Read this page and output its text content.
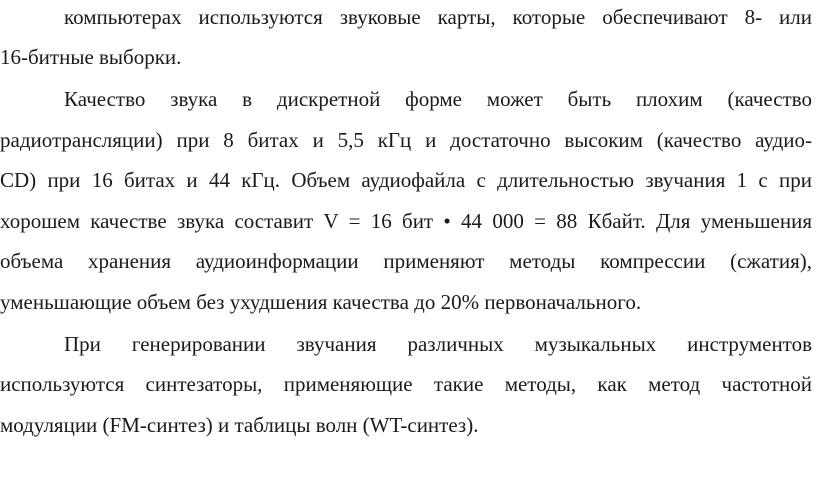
компьютерах используются звуковые карты, которые обеспечивают 8- или
16-битные выборки.
Качество звука в дискретной форме может быть плохим (качество
радиотрансляции) при 8 битах и 5,5 кГц и достаточно высоким (качество аудио-
CD) при 16 битах и 44 кГц. Объем аудиофайла с длительностью звучания 1 с при
хорошем качестве звука составит V = 16 бит • 44 000 = 88 Кбайт. Для уменьшения
объема хранения аудиоинформации применяют методы компрессии (сжатия),
уменьшающие объем без ухудшения качества до 20% первоначального.
При генерировании звучания различных музыкальных инструментов
используются синтезаторы, применяющие такие методы, как метод частотной
модуляции (FM-синтез) и таблицы волн (WT-синтез).
